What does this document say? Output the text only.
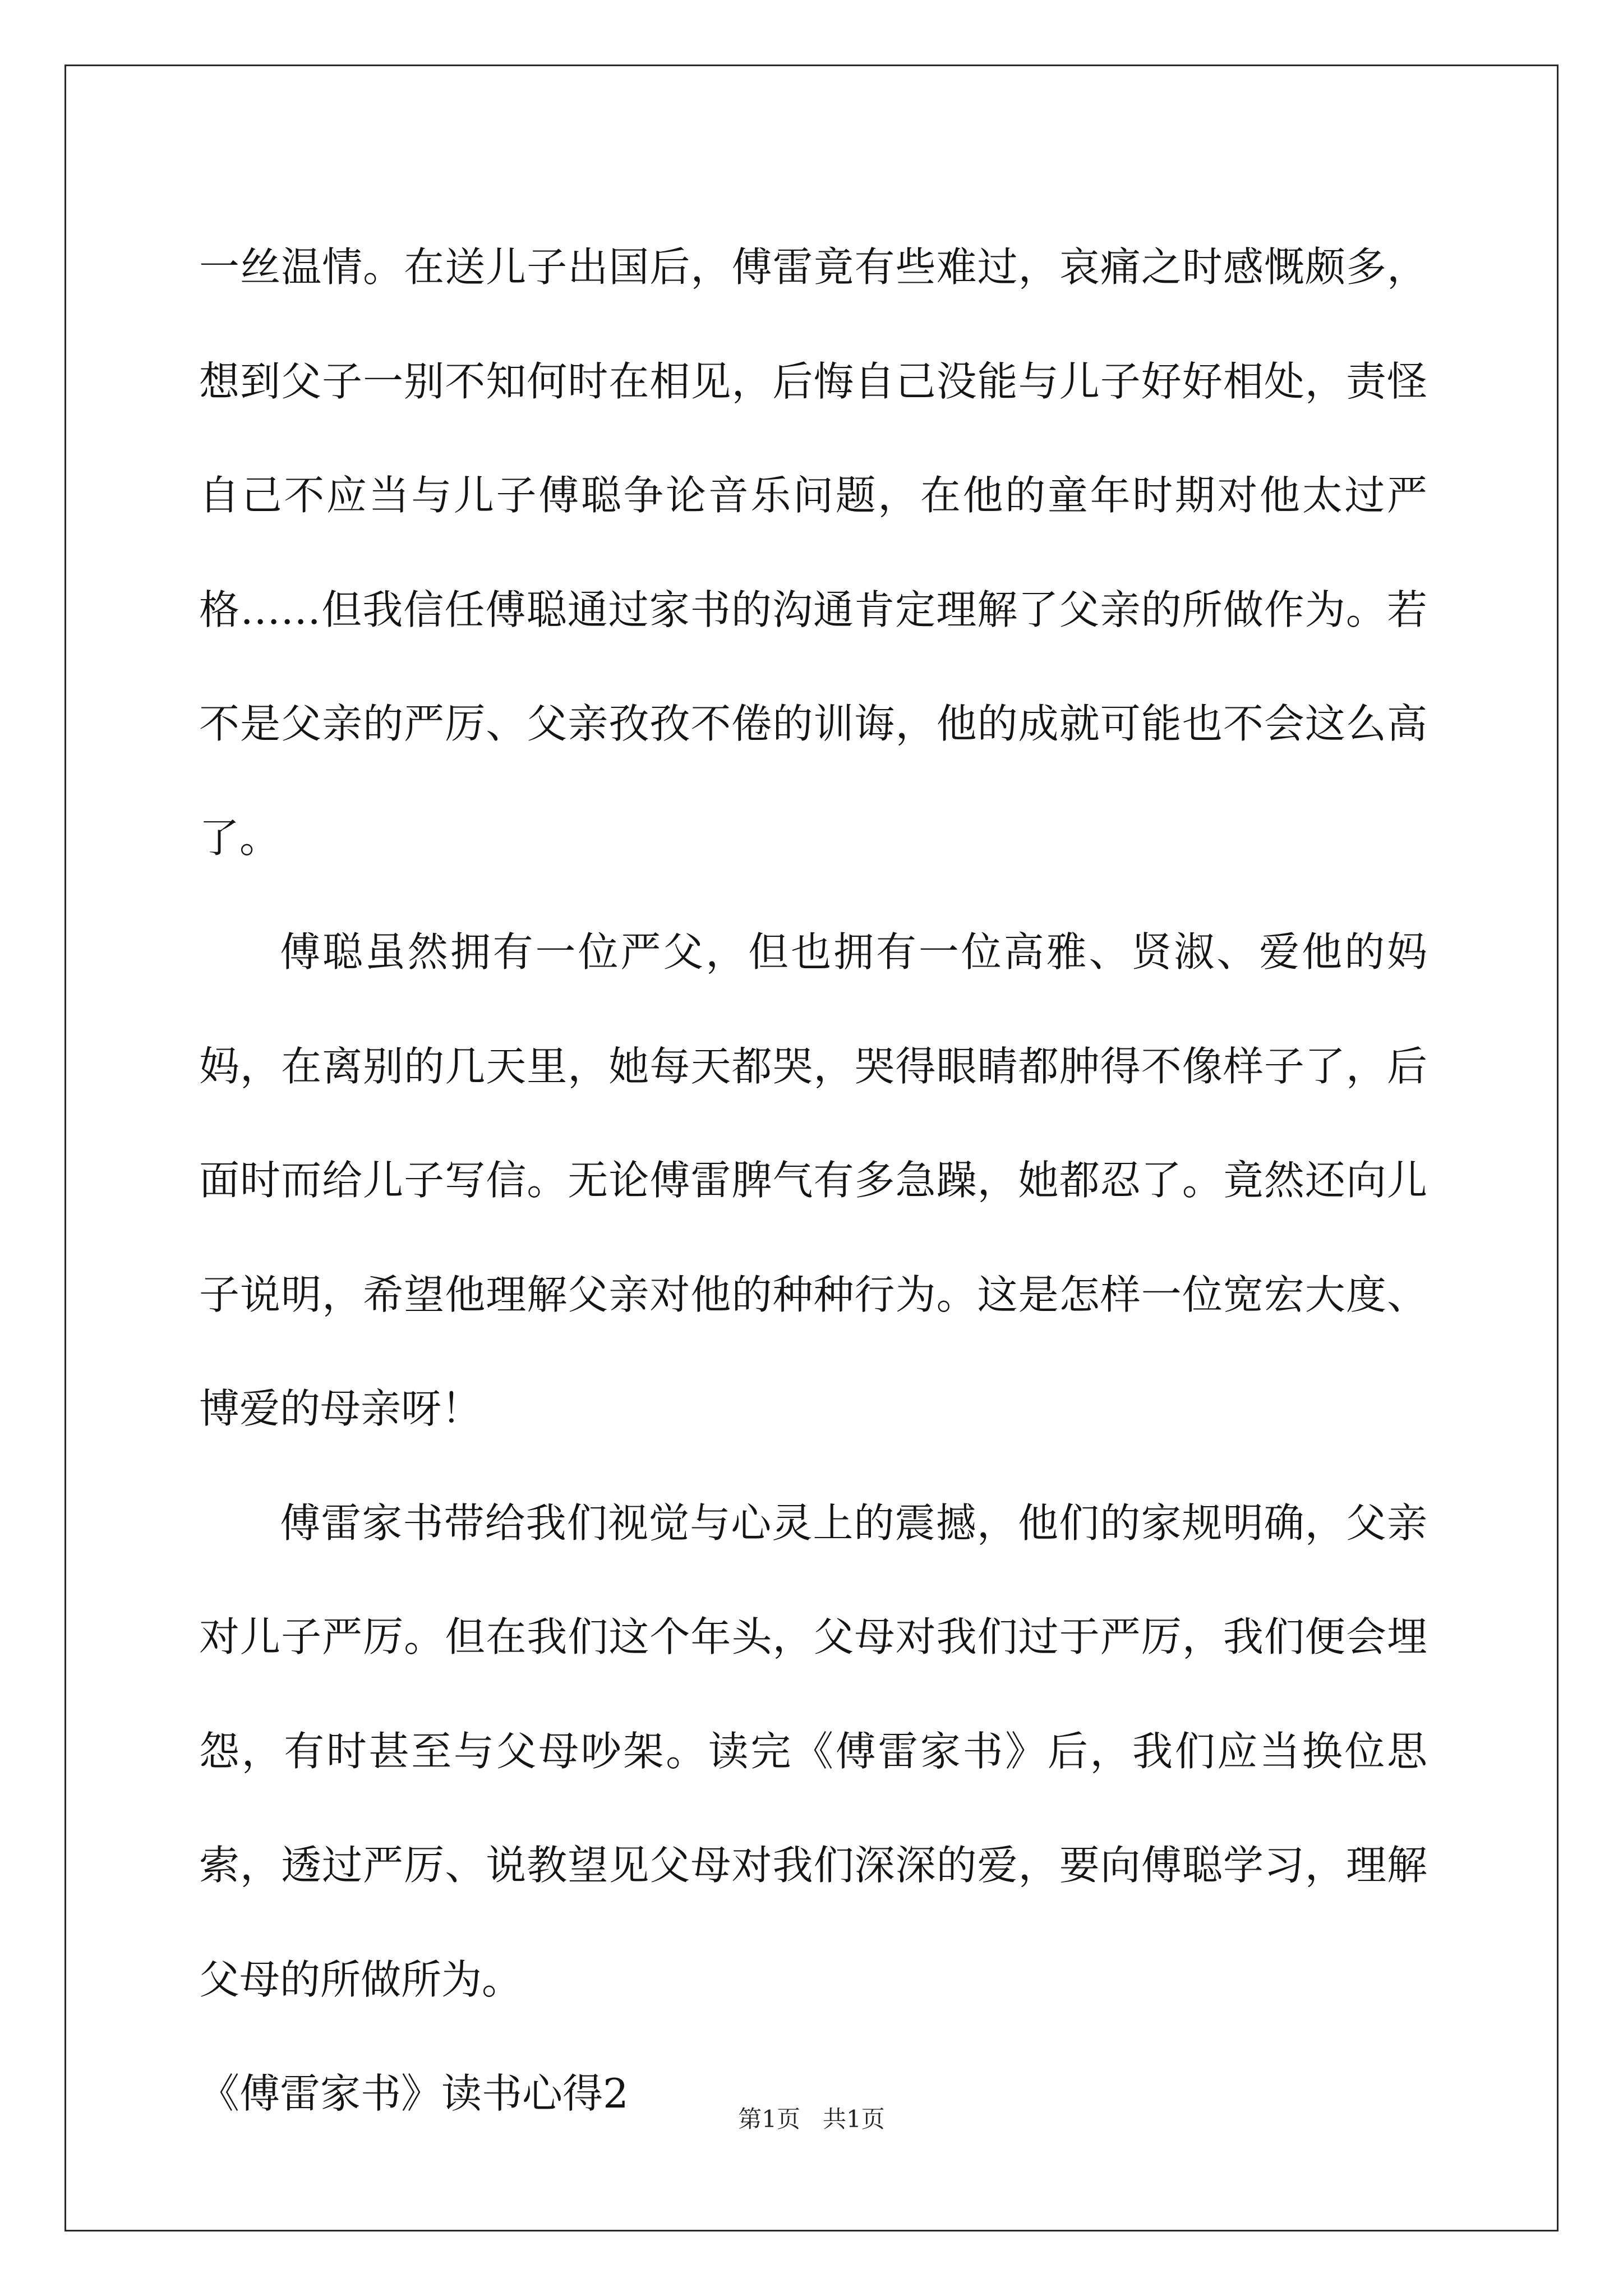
一丝温情。在送儿子出国后，傅雷竟有些难过，哀痛之时感慨颇多，想到父子一别不知何时在相见，后悔自己没能与儿子好好相处，责怪自己不应当与儿子傅聪争论音乐问题，在他的童年时期对他太过严格……但我信任傅聪通过家书的沟通肯定理解了父亲的所做作为。若不是父亲的严厉、父亲孜孜不倦的训诲，他的成就可能也不会这么高了。

傅聪虽然拥有一位严父，但也拥有一位高雅、贤淑、爱他的妈妈，在离别的几天里，她每天都哭，哭得眼睛都肿得不像样子了，后面时而给儿子写信。无论傅雷脾气有多急躁，她都忍了。竟然还向儿子说明，希望他理解父亲对他的种种行为。这是怎样一位宽宏大度、博爱的母亲呀！

傅雷家书带给我们视觉与心灵上的震撼，他们的家规明确，父亲对儿子严厉。但在我们这个年头，父母对我们过于严厉，我们便会埋怨，有时甚至与父母吵架。读完《傅雷家书》后，我们应当换位思索，透过严厉、说教望见父母对我们深深的爱，要向傅聪学习，理解父母的所做所为。

《傅雷家书》读书心得2

第1页   共1页
